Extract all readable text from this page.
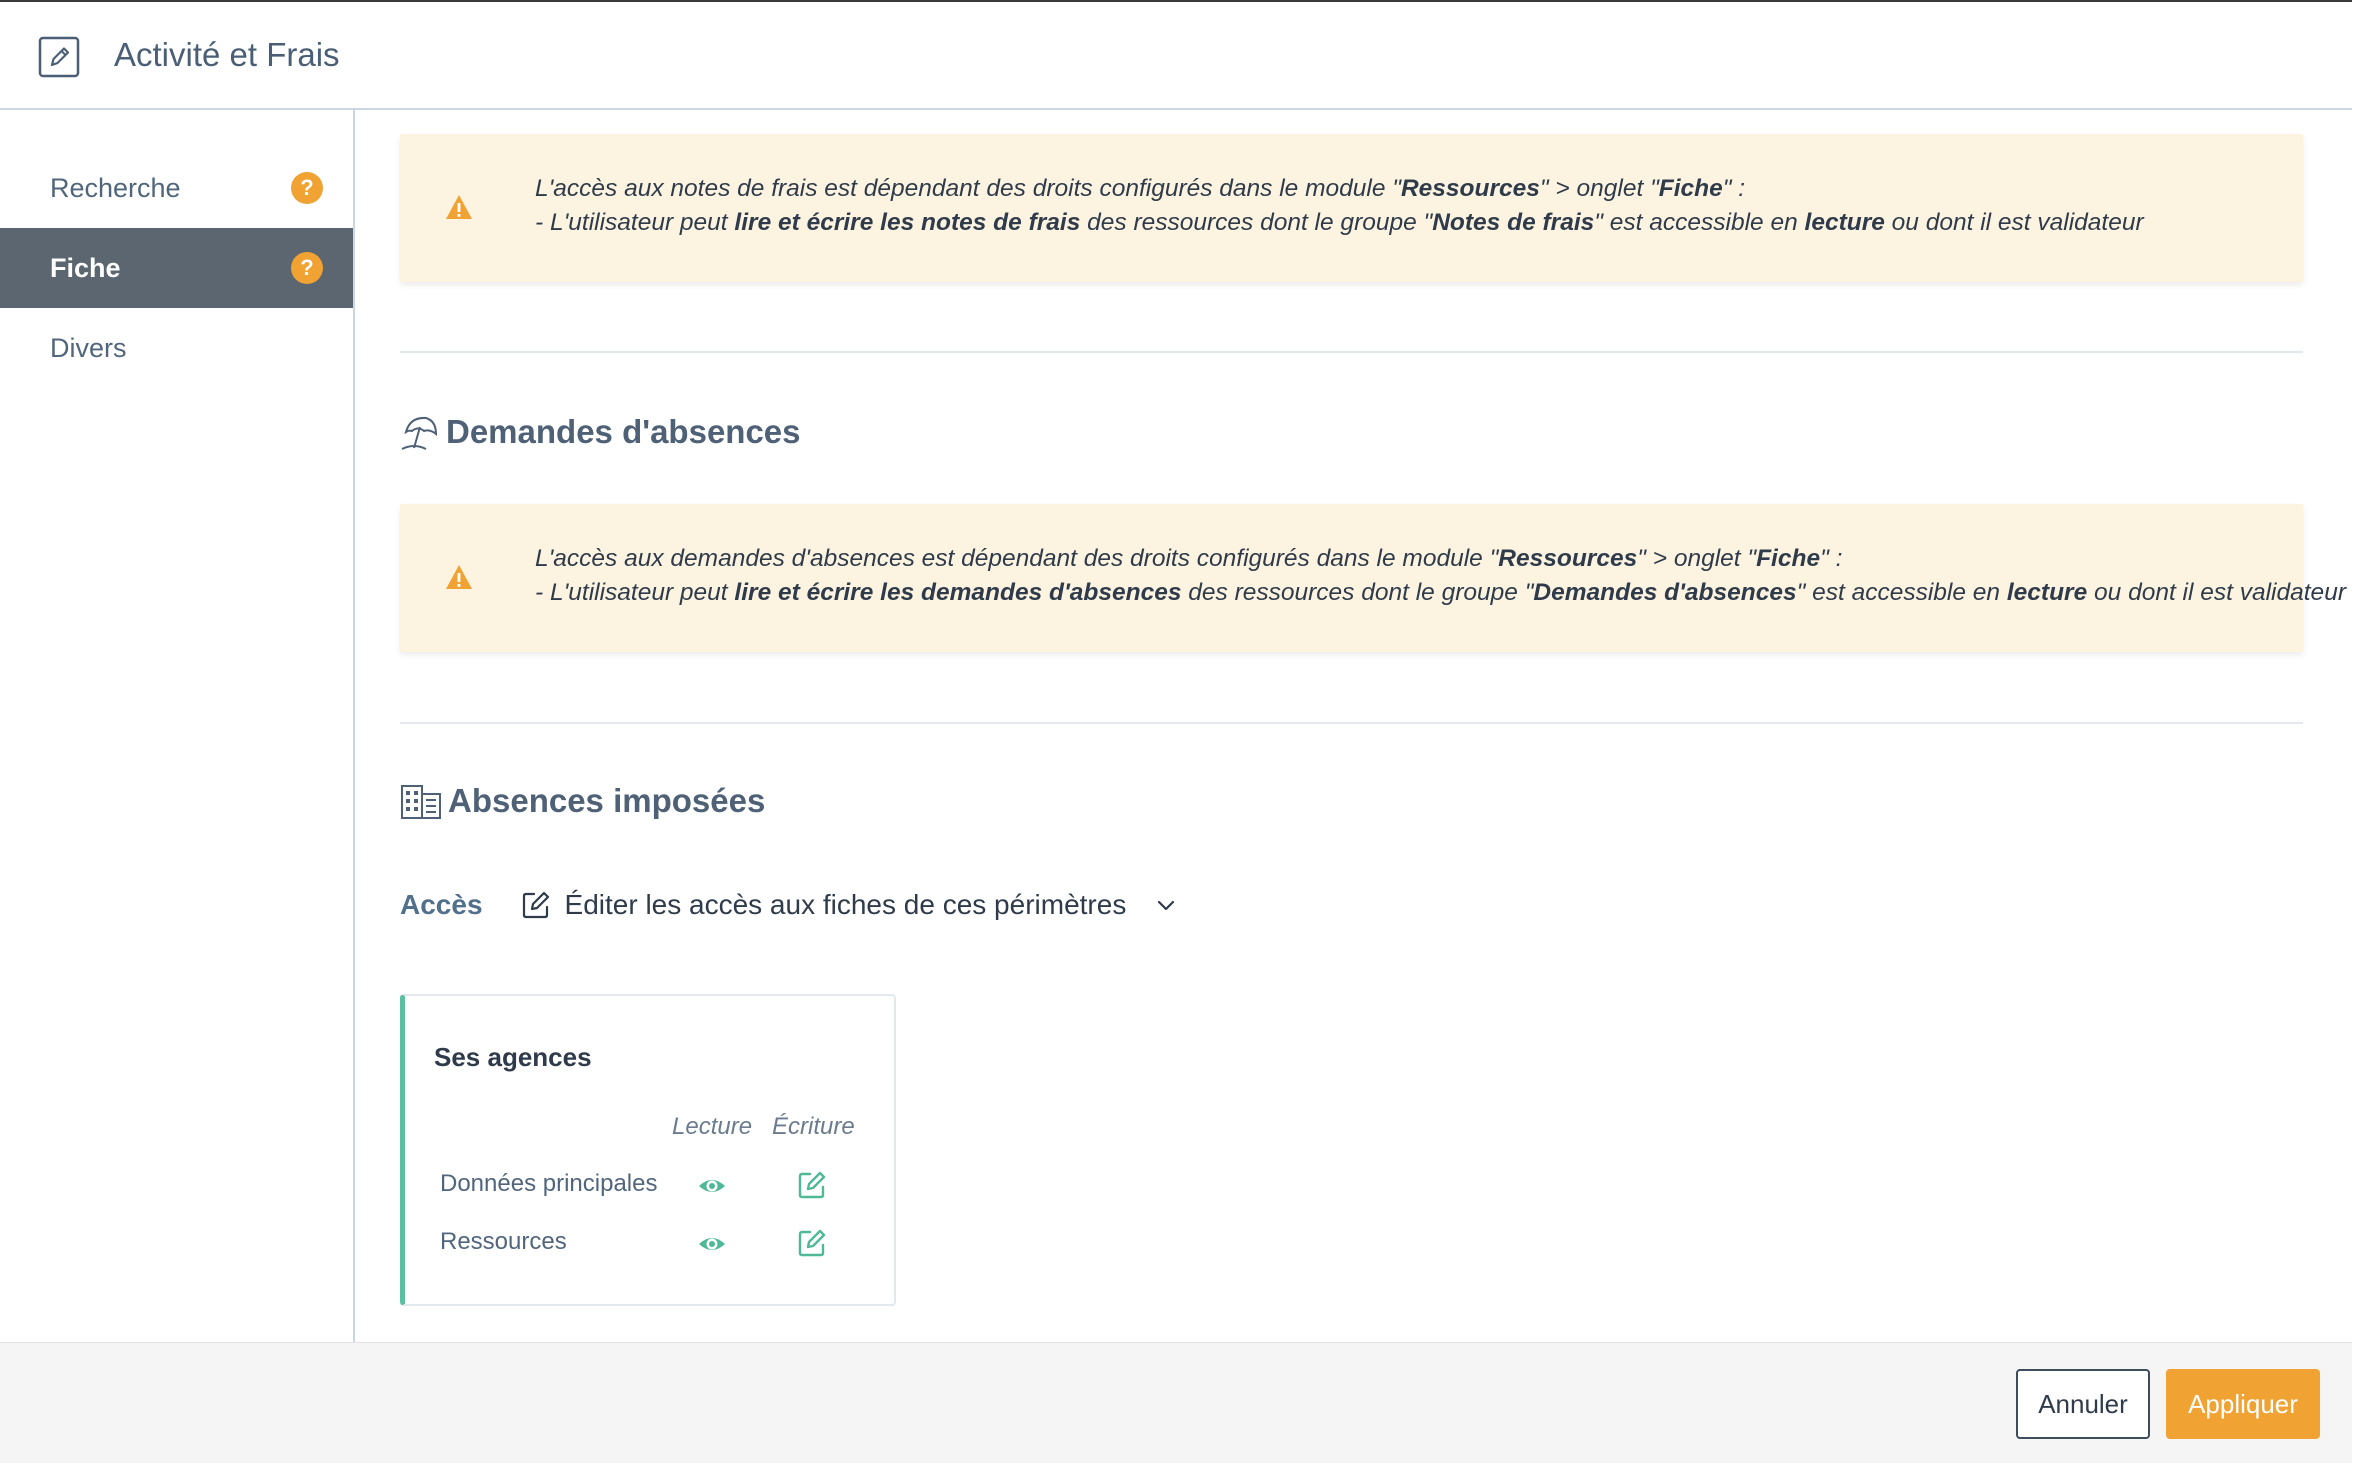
Activité et Frais
Recherche	?
Fiche	?
Divers
L'accès aux notes de frais est dépendant des droits configurés dans le module "Ressources" > onglet "Fiche" :
- L'utilisateur peut lire et écrire les notes de frais des ressources dont le groupe "Notes de frais" est accessible en lecture ou dont il est validateur
Demandes d'absences
L'accès aux demandes d'absences est dépendant des droits configurés dans le module "Ressources" > onglet "Fiche" :
- L'utilisateur peut lire et écrire les demandes d'absences des ressources dont le groupe "Demandes d'absences" est accessible en lecture ou dont il est validateur
Absences imposées
Accès	Éditer les accès aux fiches de ces périmètres
Ses agences
Lecture Écriture
Données principales
Ressources
Annuler	Appliquer
